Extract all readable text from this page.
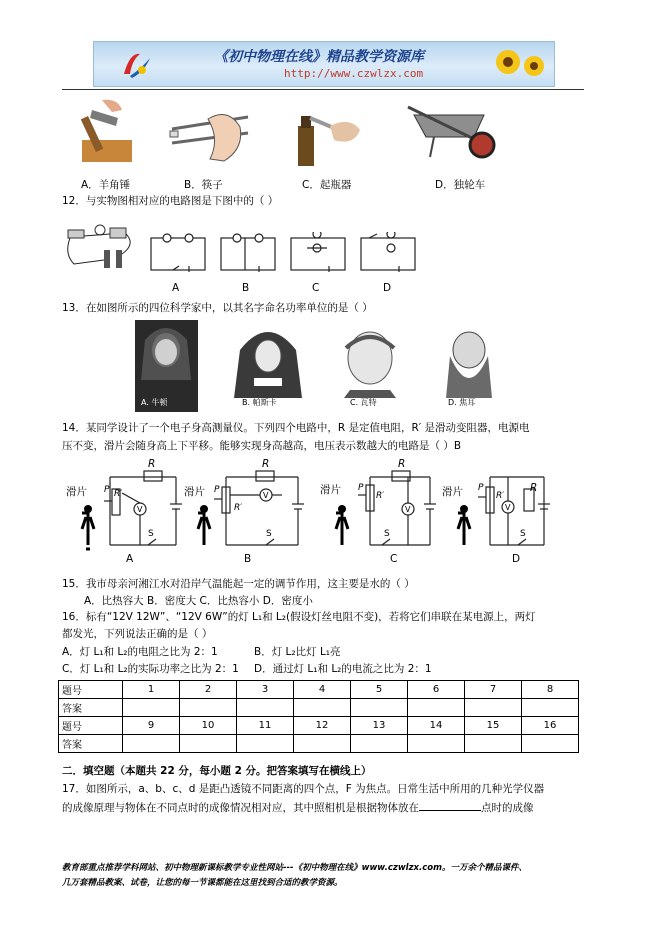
《初中物理在线》精品教学资源库
http://www.czwlzx.com
A．羊角锤	B．筷子	C．起瓶器	D．独轮车
12．与实物图相对应的电路图是下图中的（ ）
A	B	C	D
13．在如图所示的四位科学家中，以其名字命名功率单位的是（ ）
A. 牛顿	B. 帕斯卡	C. 瓦特	D. 焦耳
14．某同学设计了一个电子身高测量仪。下列四个电路中，R 是定值电阻，R′ 是滑动变阻器，电源电
压不变，滑片会随身高上下平移。能够实现身高越高，电压表示数越大的电路是（ ）B
滑片
R
R′
P
V
S
A
滑片
R
R′
P
V
S
B
滑片
R
R′
P
V
S
C
滑片	R
R′
P
V
S
D
15．我市母亲河湘江水对沿岸气温能起一定的调节作用，这主要是水的（ ）
A．比热容大 B．密度大 C．比热容小 D．密度小
16．标有“12V 12W”、“12V 6W”的灯 L₁和 L₂(假设灯丝电阻不变)，若将它们串联在某电源上，两灯
都发光，下列说法正确的是（ ）
A．灯 L₁和 L₂的电阻之比为 2：1	B．灯 L₂比灯 L₁亮
C．灯 L₁和 L₂的实际功率之比为 2：1 D．通过灯 L₁和 L₂的电流之比为 2：1
题号	1	2	3	4	5	6	7	8
答案								
题号	9	10	11	12	13	14	15	16
答案								
二．填空题（本题共 22 分，每小题 2 分。把答案填写在横线上）
17．如图所示，a、b、c、d 是距凸透镜不同距离的四个点，F 为焦点。日常生活中所用的几种光学仪器
的成像原理与物体在不同点时的成像情况相对应，其中照相机是根据物体放在	点时的成像
教育部重点推荐学科网站、初中物理新课标教学专业性网站---《初中物理在线》www.czwlzx.com。一万余个精品课件、
几万套精品教案、试卷，让您的每一节课都能在这里找到合适的教学资源。
